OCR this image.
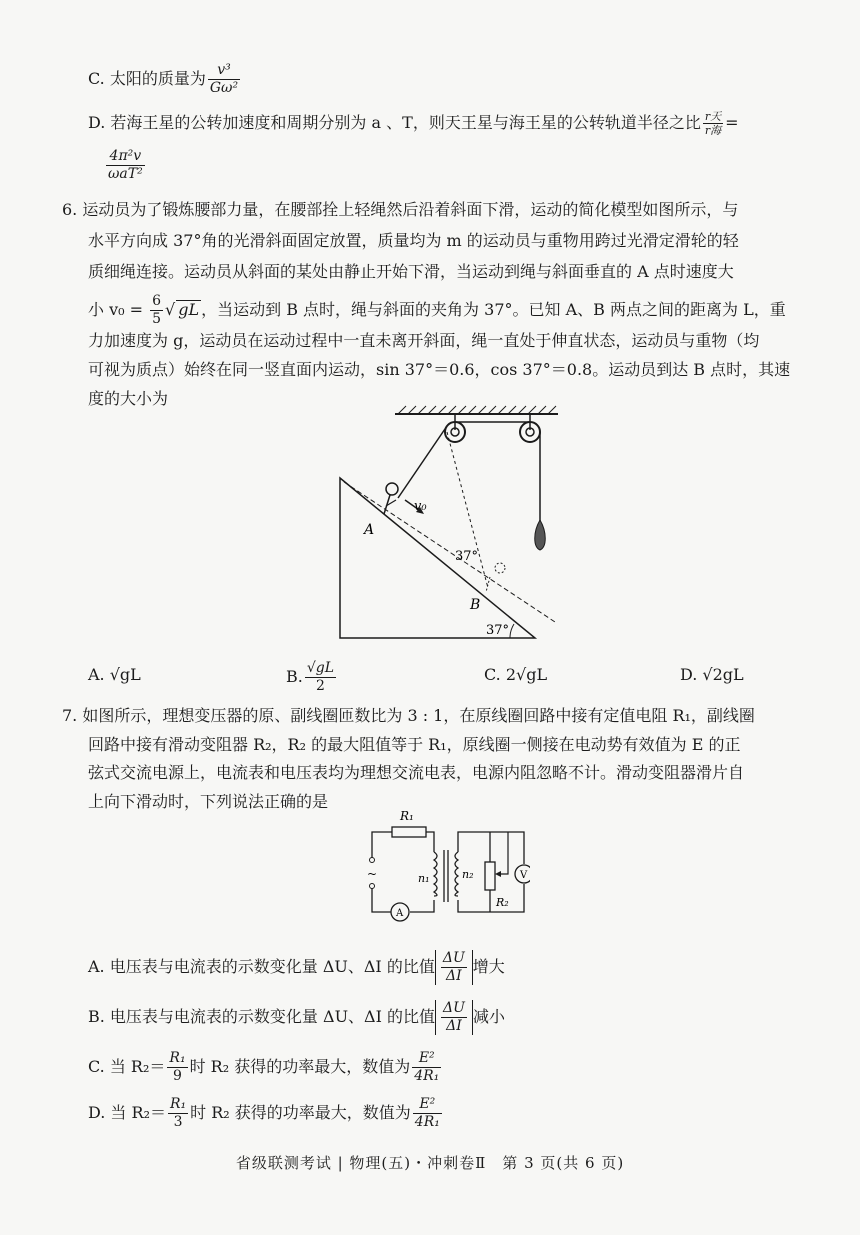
C. 太阳的质量为 $\frac{\text{v³}}{\text{Gω²}}$
D. 若海王星的公转加速度和周期分别为 a 、T，则天王星与海王星的公转轨道半径之比 $\frac{\text{r天}}{\text{r海}}$ =
$\frac{\text{4π²v}}{\text{ωaT²}}$
6. 运动员为了锻炼腰部力量，在腰部拴上轻绳然后沿着斜面下滑，运动的简化模型如图所示，与
水平方向成 37°角的光滑斜面固定放置，质量均为 m 的运动员与重物用跨过光滑定滑轮的轻
质细绳连接。运动员从斜面的某处由静止开始下滑，当运动到绳与斜面垂直的 A 点时速度大
小 $v_0 = \frac{6}{5}$ √ gL ，当运动到 B 点时，绳与斜面的夹角为 37°。已知 A、B 两点之间的距离为 L，重
力加速度为 g，运动员在运动过程中一直未离开斜面，绳一直处于伸直状态，运动员与重物（均
可视为质点）始终在同一竖直面内运动，sin 37°＝0.6，cos 37°＝0.8。运动员到达 B 点时，其速
度的大小为
A
B
v₀
37°
37°
A. √gL	B. $\frac{√gL}{2}$	C. 2√gL	D. √2gL
7. 如图所示，理想变压器的原、副线圈匝数比为 3 : 1，在原线圈回路中接有定值电阻 R₁，副线圈
回路中接有滑动变阻器 R₂，R₂ 的最大阻值等于 R₁，原线圈一侧接在电动势有效值为 E 的正
弦式交流电源上，电流表和电压表均为理想交流电表，电源内阻忽略不计。滑动变阻器滑片自
上向下滑动时，下列说法正确的是
~
R₁
A
V
n₁	n₂
R₂
A. 电压表与电流表的示数变化量 ΔU、ΔI 的比值 $\frac{\Delta U}{\Delta I}$ 增大
B. 电压表与电流表的示数变化量 ΔU、ΔI 的比值 $\frac{\Delta U}{\Delta I}$ 减小
C. 当 $R_2= \frac{\text{R₁}}{9}$ 时 R₂ 获得的功率最大，数值为 $\frac{\text{E²}}{\text{4R₁}}$
D. 当 $R_2= \frac{\text{R₁}}{3}$ 时 R₂ 获得的功率最大，数值为 $\frac{\text{E²}}{\text{4R₁}}$
省级联测考试 | 物理(五)・冲刺卷Ⅱ　第 3 页(共 6 页)
